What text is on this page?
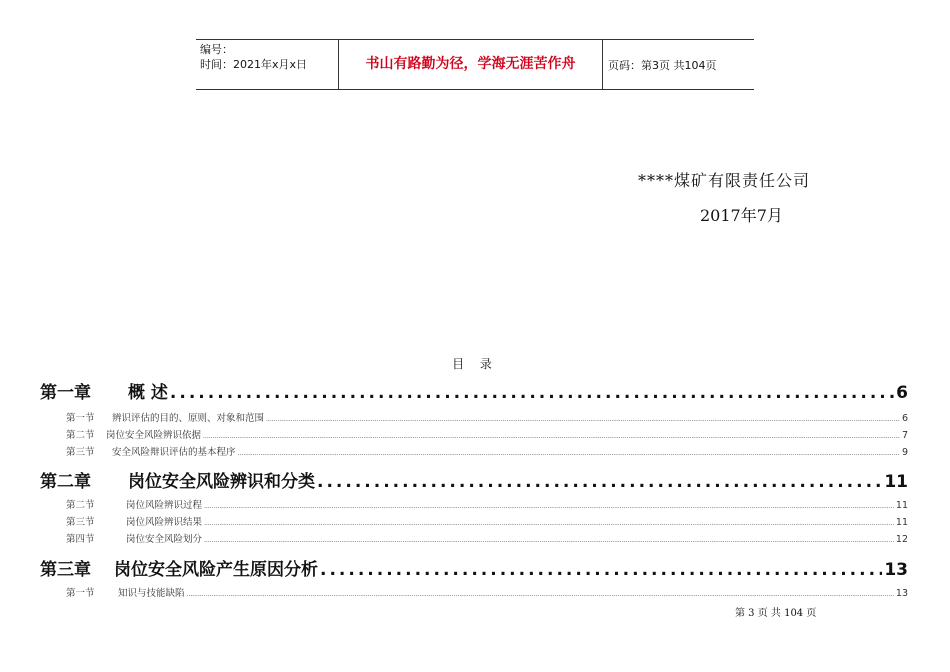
编号：
时间：2021年x月x日	书山有路勤为径，学海无涯苦作舟	页码：第3页 共104页
****煤矿有限责任公司
2017年7月
目 录
第一章	概 述 .....	6
第一节	辨识评估的目的、原则、对象和范围 .....	6
第二节	岗位安全风险辨识依据 .....	7
第三节	安全风险辩识评估的基本程序 .....	9
第二章	岗位安全风险辨识和分类 .....	11
第二节	岗位风险辨识过程 .....	11
第三节	岗位风险辨识结果 .....	11
第四节	岗位安全风险划分 .....	12
第三章	岗位安全风险产生原因分析 .....	13
第一节	知识与技能缺陷 .....	13
第 3 页 共 104 页
